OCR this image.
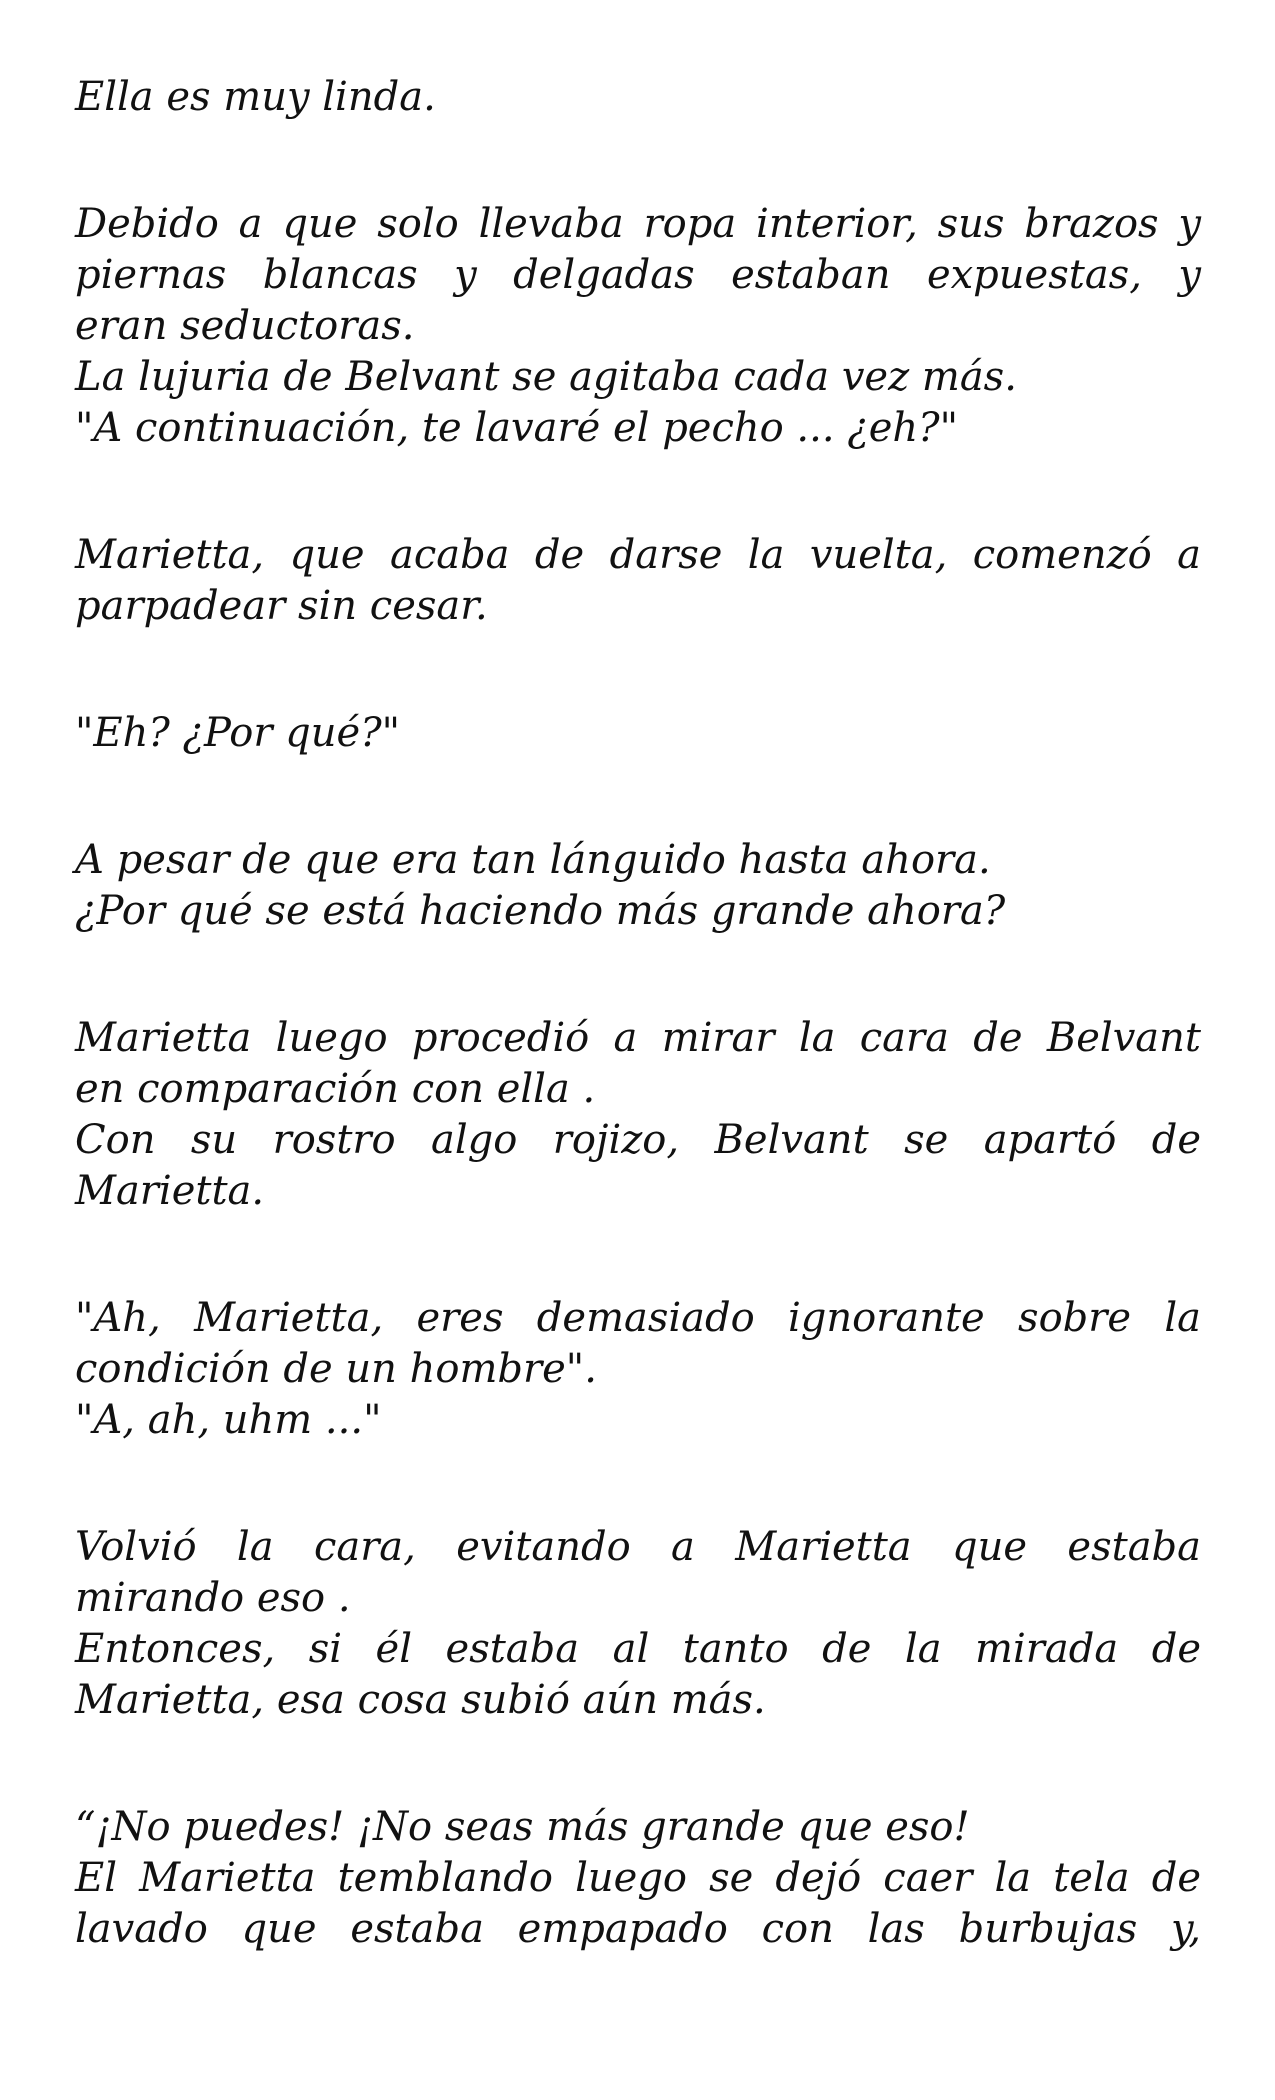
Ella es muy linda.
Debido a que solo llevaba ropa interior, sus brazos y
piernas blancas y delgadas estaban expuestas, y
eran seductoras.
La lujuria de Belvant se agitaba cada vez más.
"A continuación, te lavaré el pecho ... ¿eh?"
Marietta, que acaba de darse la vuelta, comenzó a
parpadear sin cesar.
"Eh? ¿Por qué?"
A pesar de que era tan lánguido hasta ahora.
¿Por qué se está haciendo más grande ahora?
Marietta luego procedió a mirar la cara de Belvant
en comparación con ella .
Con su rostro algo rojizo, Belvant se apartó de
Marietta.
"Ah, Marietta, eres demasiado ignorante sobre la
condición de un hombre".
"A, ah, uhm ..."
Volvió la cara, evitando a Marietta que estaba
mirando eso .
Entonces, si él estaba al tanto de la mirada de
Marietta, esa cosa subió aún más.
“¡No puedes! ¡No seas más grande que eso!
El Marietta temblando luego se dejó caer la tela de
lavado que estaba empapado con las burbujas y,
